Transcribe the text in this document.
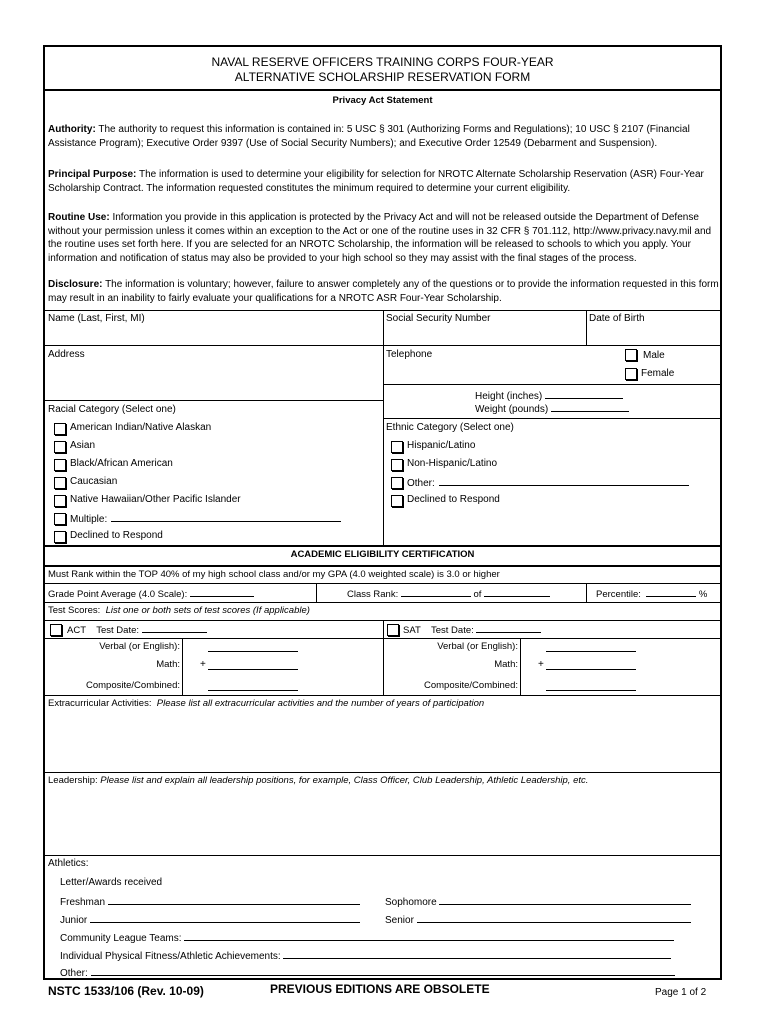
NAVAL RESERVE OFFICERS TRAINING CORPS FOUR-YEAR
ALTERNATIVE SCHOLARSHIP RESERVATION FORM
Privacy Act Statement
Authority: The authority to request this information is contained in: 5 USC § 301 (Authorizing Forms and Regulations); 10 USC § 2107 (Financial Assistance Program); Executive Order 9397 (Use of Social Security Numbers); and Executive Order 12549 (Debarment and Suspension).
Principal Purpose: The information is used to determine your eligibility for selection for NROTC Alternate Scholarship Reservation (ASR) Four-Year Scholarship Contract. The information requested constitutes the minimum required to determine your current eligibility.
Routine Use: Information you provide in this application is protected by the Privacy Act and will not be released outside the Department of Defense without your permission unless it comes within an exception to the Act or one of the routine uses in 32 CFR § 701.112, http://www.privacy.navy.mil and the routine uses set forth here. If you are selected for an NROTC Scholarship, the information will be released to schools to which you apply. Your information and notification of status may also be provided to your high school so they may assist with the final stages of the process.
Disclosure: The information is voluntary; however, failure to answer completely any of the questions or to provide the information requested in this form may result in an inability to fairly evaluate your qualifications for a NROTC ASR Four-Year Scholarship.
Name (Last, First, MI)	Social Security Number	Date of Birth
Address	Telephone	Male
Female
Height (inches)
Weight (pounds)
Racial Category (Select one)
Ethnic Category (Select one)
ACADEMIC ELIGIBILITY CERTIFICATION
Must Rank within the TOP 40% of my high school class and/or my GPA (4.0 weighted scale) is 3.0 or higher
Grade Point Average (4.0 Scale):	Class Rank:	of	Percentile:	%
Test Scores: List one or both sets of test scores (If applicable)
ACT Test Date:	SAT Test Date:
Extracurricular Activities: Please list all extracurricular activities and the number of years of participation
Leadership: Please list and explain all leadership positions, for example, Class Officer, Club Leadership, Athletic Leadership, etc.
Athletics:
Letter/Awards received
Freshman	Sophomore
Junior	Senior
Community League Teams:
Individual Physical Fitness/Athletic Achievements:
Other:
NSTC 1533/106 (Rev. 10-09)	PREVIOUS EDITIONS ARE OBSOLETE	Page 1 of 2
American Indian/Native Alaskan
Asian
Black/African American
Caucasian
Native Hawaiian/Other Pacific Islander
Multiple:
Declined to Respond
Hispanic/Latino
Non-Hispanic/Latino
Other:
Declined to Respond
Verbal (or English):
Math: +
Composite/Combined:
Verbal (or English):
Math: +
Composite/Combined:
